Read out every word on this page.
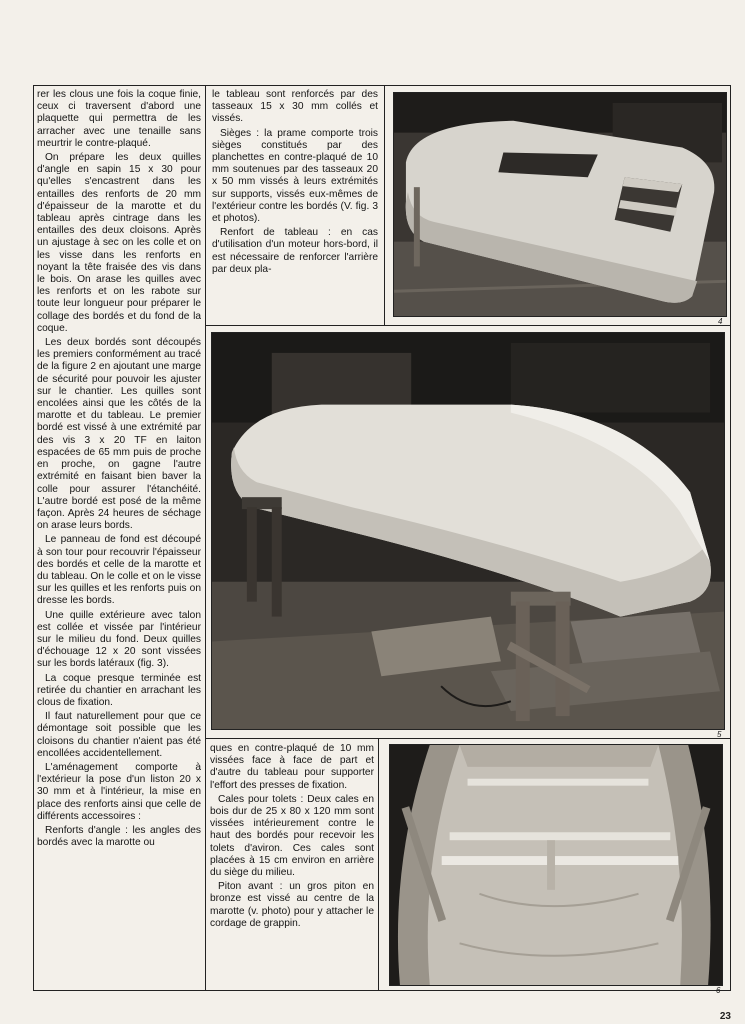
rer les clous une fois la coque finie, ceux ci traversent d'abord une plaquette qui permettra de les arracher avec une tenaille sans meurtrir le contre-plaqué.

On prépare les deux quilles d'angle en sapin 15 x 30 pour qu'elles s'encastrent dans les entailles des renforts de 20 mm d'épaisseur de la marotte et du tableau après cintrage dans les entailles des deux cloisons. Après un ajustage à sec on les colle et on les visse dans les renforts en noyant la tête fraisée des vis dans le bois. On arase les quilles avec les renforts et on les rabote sur toute leur longueur pour préparer le collage des bordés et du fond de la coque.

Les deux bordés sont découpés les premiers conformément au tracé de la figure 2 en ajoutant une marge de sécurité pour pouvoir les ajuster sur le chantier. Les quilles sont encolées ainsi que les côtés de la marotte et du tableau. Le premier bordé est vissé à une extrémité par des vis 3 x 20 TF en laiton espacées de 65 mm puis de proche en proche, on gagne l'autre extrémité en faisant bien baver la colle pour assurer l'étanchéité. L'autre bordé est posé de la même façon. Après 24 heures de séchage on arase leurs bords.

Le panneau de fond est découpé à son tour pour recouvrir l'épaisseur des bordés et celle de la marotte et du tableau. On le colle et on le visse sur les quilles et les renforts puis on dresse les bords.

Une quille extérieure avec talon est collée et vissée par l'intérieur sur le milieu du fond. Deux quilles d'échouage 12 x 20 sont vissées sur les bords latéraux (fig. 3).

La coque presque terminée est retirée du chantier en arrachant les clous de fixation.

Il faut naturellement pour que ce démontage soit possible que les cloisons du chantier n'aient pas été encollées accidentellement.

L'aménagement comporte à l'extérieur la pose d'un liston 20 x 30 mm et à l'intérieur, la mise en place des renforts ainsi que celle de différents accessoires :

Renforts d'angle : les angles des bordés avec la marotte ou

le tableau sont renforcés par des tasseaux 15 x 30 mm collés et vissés.

Sièges : la prame comporte trois sièges constitués par des planchettes en contre-plaqué de 10 mm soutenues par des tasseaux 20 x 50 mm vissés à leurs extrémités sur supports, vissés eux-mêmes de l'extérieur contre les bordés (V. fig. 3 et photos).

Renfort de tableau : en cas d'utilisation d'un moteur hors-bord, il est nécessaire de renforcer l'arrière par deux pla-

ques en contre-plaqué de 10 mm vissées face à face de part et d'autre du tableau pour supporter l'effort des presses de fixation.

Cales pour tolets : Deux cales en bois dur de 25 x 80 x 120 mm sont vissées intérieurement contre le haut des bordés pour recevoir les tolets d'aviron. Ces cales sont placées à 15 cm environ en arrière du siège du milieu.

Piton avant : un gros piton en bronze est vissé au centre de la marotte (v. photo) pour y attacher le cordage de grappin.

4
5
6
23
